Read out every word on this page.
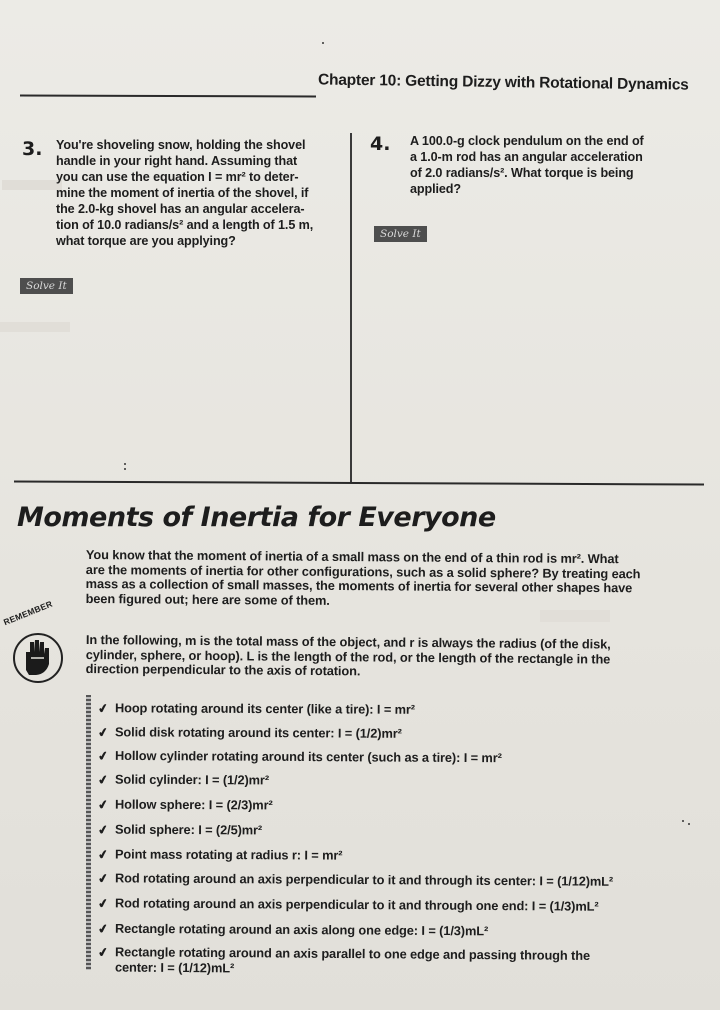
Chapter 10: Getting Dizzy with Rotational Dynamics
3. You're shoveling snow, holding the shovel
handle in your right hand. Assuming that
you can use the equation I = mr² to deter-
mine the moment of inertia of the shovel, if
the 2.0-kg shovel has an angular accelera-
tion of 10.0 radians/s² and a length of 1.5 m,
what torque are you applying?
Solve It
4. A 100.0-g clock pendulum on the end of
a 1.0-m rod has an angular acceleration
of 2.0 radians/s². What torque is being
applied?
Solve It
Moments of Inertia for Everyone
You know that the moment of inertia of a small mass on the end of a thin rod is mr². What
are the moments of inertia for other configurations, such as a solid sphere? By treating each
mass as a collection of small masses, the moments of inertia for several other shapes have
been figured out; here are some of them.
REMEMBER
In the following, m is the total mass of the object, and r is always the radius (of the disk,
cylinder, sphere, or hoop). L is the length of the rod, or the length of the rectangle in the
direction perpendicular to the axis of rotation.
✔ Hoop rotating around its center (like a tire): I = mr²
✔ Solid disk rotating around its center: I = (1/2)mr²
✔ Hollow cylinder rotating around its center (such as a tire): I = mr²
✔ Solid cylinder: I = (1/2)mr²
✔ Hollow sphere: I = (2/3)mr²
✔ Solid sphere: I = (2/5)mr²
✔ Point mass rotating at radius r: I = mr²
✔ Rod rotating around an axis perpendicular to it and through its center: I = (1/12)mL²
✔ Rod rotating around an axis perpendicular to it and through one end: I = (1/3)mL²
✔ Rectangle rotating around an axis along one edge: I = (1/3)mL²
✔ Rectangle rotating around an axis parallel to one edge and passing through the
center: I = (1/12)mL²
